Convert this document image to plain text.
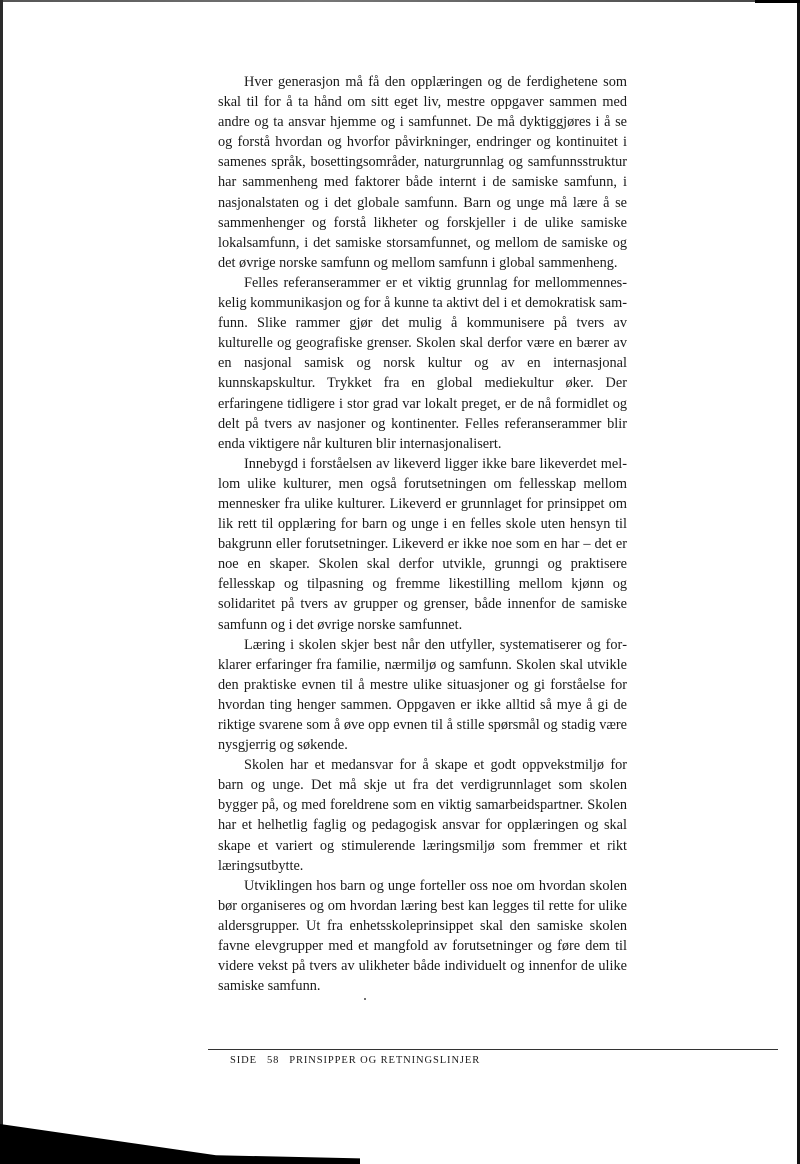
Hver generasjon må få den opplæringen og de ferdighetene som skal til for å ta hånd om sitt eget liv, mestre oppgaver sammen med andre og ta ansvar hjemme og i samfunnet. De må dyktiggjøres i å se og forstå hvordan og hvorfor påvirkninger, endringer og kontinuitet i samenes språk, bosettingsområder, naturgrunnlag og samfunnsstruktur har sammenheng med faktorer både internt i de samiske samfunn, i nasjonalstaten og i det globale samfunn. Barn og unge må lære å se sammenhenger og forstå likheter og forskjeller i de ulike samiske lokalsamfunn, i det samiske storsamfunnet, og mellom de samiske og det øvrige norske samfunn og mellom samfunn i global sammenheng.

Felles referanserammer er et viktig grunnlag for mellommenneskelig kommunikasjon og for å kunne ta aktivt del i et demokratisk samfunn. Slike rammer gjør det mulig å kommunisere på tvers av kulturelle og geografiske grenser. Skolen skal derfor være en bærer av en nasjonal samisk og norsk kultur og av en internasjonal kunnskapskultur. Trykket fra en global mediekultur øker. Der erfaringene tidligere i stor grad var lokalt preget, er de nå formidlet og delt på tvers av nasjoner og kontinenter. Felles referanserammer blir enda viktigere når kulturen blir internasjonalisert.

Innebygd i forståelsen av likeverd ligger ikke bare likeverdet mellom ulike kulturer, men også forutsetningen om fellesskap mellom mennesker fra ulike kulturer. Likeverd er grunnlaget for prinsippet om lik rett til opplæring for barn og unge i en felles skole uten hensyn til bakgrunn eller forutsetninger. Likeverd er ikke noe som en har – det er noe en skaper. Skolen skal derfor utvikle, grunngi og praktisere fellesskap og tilpasning og fremme likestilling mellom kjønn og solidaritet på tvers av grupper og grenser, både innenfor de samiske samfunn og i det øvrige norske samfunnet.

Læring i skolen skjer best når den utfyller, systematiserer og forklarer erfaringer fra familie, nærmiljø og samfunn. Skolen skal utvikle den praktiske evnen til å mestre ulike situasjoner og gi forståelse for hvordan ting henger sammen. Oppgaven er ikke alltid så mye å gi de riktige svarene som å øve opp evnen til å stille spørsmål og stadig være nysgjerrig og søkende.

Skolen har et medansvar for å skape et godt oppvekstmiljø for barn og unge. Det må skje ut fra det verdigrunnlaget som skolen bygger på, og med foreldrene som en viktig samarbeidspartner. Skolen har et helhetlig faglig og pedagogisk ansvar for opplæringen og skal skape et variert og stimulerende læringsmiljø som fremmer et rikt læringsutbytte.

Utviklingen hos barn og unge forteller oss noe om hvordan skolen bør organiseres og om hvordan læring best kan legges til rette for ulike aldersgrupper. Ut fra enhetsskoleprinsippet skal den samiske skolen favne elevgrupper med et mangfold av forutsetninger og føre dem til videre vekst på tvers av ulikheter både individuelt og innenfor de ulike samiske samfunn.

SIDE 58 PRINSIPPER OG RETNINGSLINJER
